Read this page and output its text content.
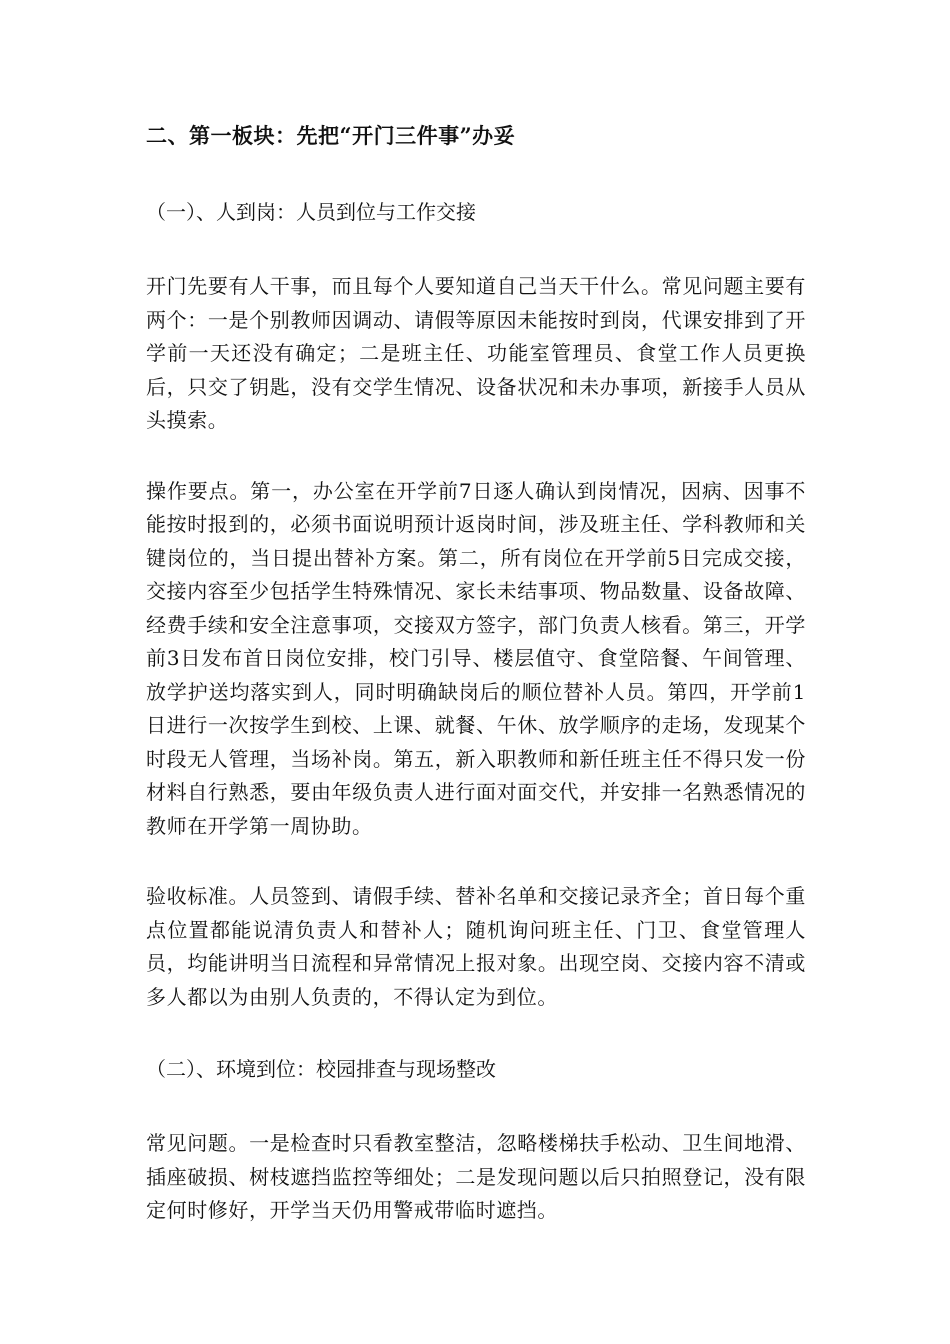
二、第一板块：先把“开门三件事”办妥
（一）、人到岗：人员到位与工作交接

开门先要有人干事，而且每个人要知道自己当天干什么。常见问题主要有两个：一是个别教师因调动、请假等原因未能按时到岗，代课安排到了开学前一天还没有确定；二是班主任、功能室管理员、食堂工作人员更换后，只交了钥匙，没有交学生情况、设备状况和未办事项，新接手人员从头摸索。

操作要点。第一，办公室在开学前7日逐人确认到岗情况，因病、因事不能按时报到的，必须书面说明预计返岗时间，涉及班主任、学科教师和关键岗位的，当日提出替补方案。第二，所有岗位在开学前5日完成交接，交接内容至少包括学生特殊情况、家长未结事项、物品数量、设备故障、经费手续和安全注意事项，交接双方签字，部门负责人核看。第三，开学前3日发布首日岗位安排，校门引导、楼层值守、食堂陪餐、午间管理、放学护送均落实到人，同时明确缺岗后的顺位替补人员。第四，开学前1日进行一次按学生到校、上课、就餐、午休、放学顺序的走场，发现某个时段无人管理，当场补岗。第五，新入职教师和新任班主任不得只发一份材料自行熟悉，要由年级负责人进行面对面交代，并安排一名熟悉情况的教师在开学第一周协助。

验收标准。人员签到、请假手续、替补名单和交接记录齐全；首日每个重点位置都能说清负责人和替补人；随机询问班主任、门卫、食堂管理人员，均能讲明当日流程和异常情况上报对象。出现空岗、交接内容不清或多人都以为由别人负责的，不得认定为到位。

（二）、环境到位：校园排查与现场整改

常见问题。一是检查时只看教室整洁，忽略楼梯扶手松动、卫生间地滑、插座破损、树枝遮挡监控等细处；二是发现问题以后只拍照登记，没有限定何时修好，开学当天仍用警戒带临时遮挡。
